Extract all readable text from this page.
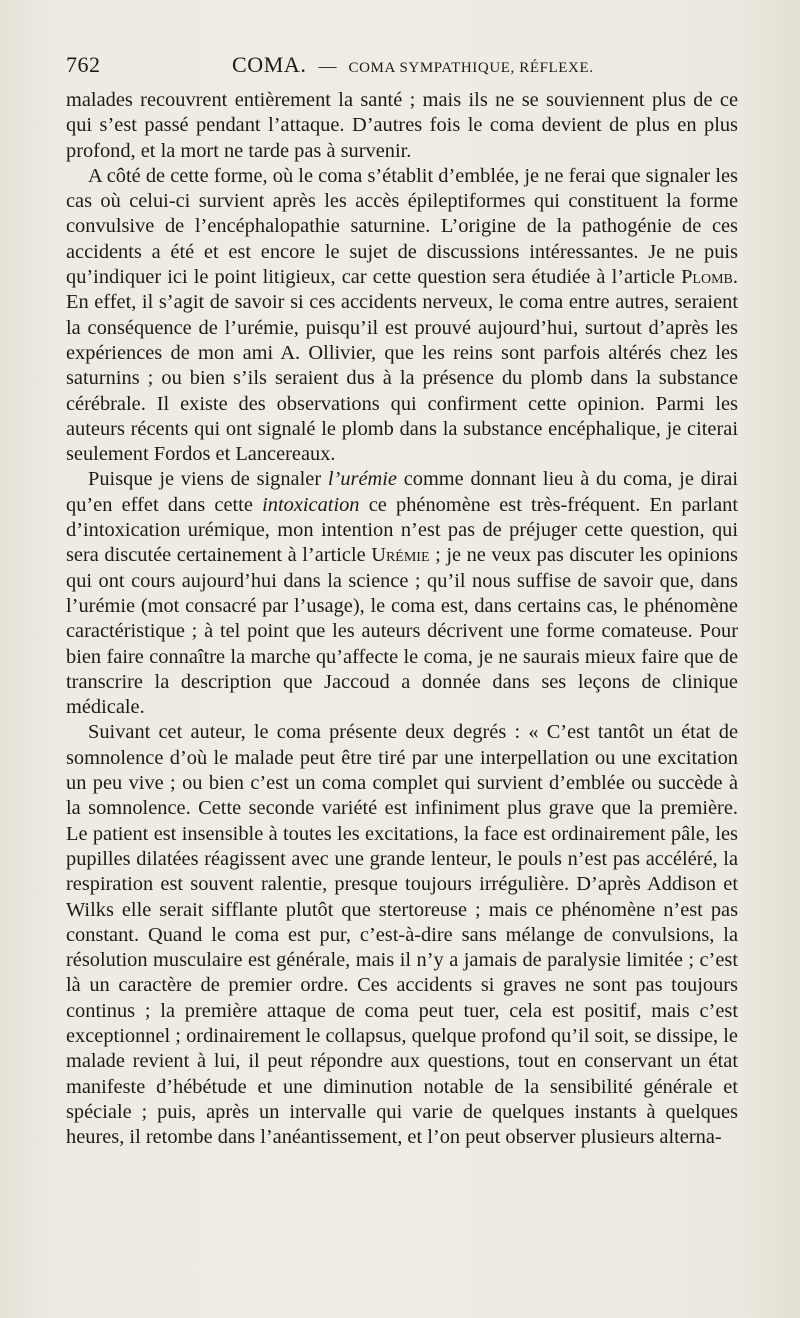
762	COMA. — COMA SYMPATHIQUE, RÉFLEXE.

malades recouvrent entièrement la santé ; mais ils ne se souviennent plus de ce qui s’est passé pendant l’attaque. D’autres fois le coma devient de plus en plus profond, et la mort ne tarde pas à survenir.

A côté de cette forme, où le coma s’établit d’emblée, je ne ferai que signaler les cas où celui-ci survient après les accès épileptiformes qui constituent la forme convulsive de l’encéphalopathie saturnine. L’origine de la pathogénie de ces accidents a été et est encore le sujet de discussions intéressantes. Je ne puis qu’indiquer ici le point litigieux, car cette question sera étudiée à l’article Plomb. En effet, il s’agit de savoir si ces accidents nerveux, le coma entre autres, seraient la conséquence de l’urémie, puisqu’il est prouvé aujourd’hui, surtout d’après les expériences de mon ami A. Ollivier, que les reins sont parfois altérés chez les saturnins ; ou bien s’ils seraient dus à la présence du plomb dans la substance cérébrale. Il existe des observations qui confirment cette opinion. Parmi les auteurs récents qui ont signalé le plomb dans la substance encéphalique, je citerai seulement Fordos et Lancereaux.

Puisque je viens de signaler l’urémie comme donnant lieu à du coma, je dirai qu’en effet dans cette intoxication ce phénomène est très-fréquent. En parlant d’intoxication urémique, mon intention n’est pas de préjuger cette question, qui sera discutée certainement à l’article Urémie ; je ne veux pas discuter les opinions qui ont cours aujourd’hui dans la science ; qu’il nous suffise de savoir que, dans l’urémie (mot consacré par l’usage), le coma est, dans certains cas, le phénomène caractéristique ; à tel point que les auteurs décrivent une forme comateuse. Pour bien faire connaître la marche qu’affecte le coma, je ne saurais mieux faire que de transcrire la description que Jaccoud a donnée dans ses leçons de clinique médicale.

Suivant cet auteur, le coma présente deux degrés : « C’est tantôt un état de somnolence d’où le malade peut être tiré par une interpellation ou une excitation un peu vive ; ou bien c’est un coma complet qui survient d’emblée ou succède à la somnolence. Cette seconde variété est infiniment plus grave que la première. Le patient est insensible à toutes les excitations, la face est ordinairement pâle, les pupilles dilatées réagissent avec une grande lenteur, le pouls n’est pas accéléré, la respiration est souvent ralentie, presque toujours irrégulière. D’après Addison et Wilks elle serait sifflante plutôt que stertoreuse ; mais ce phénomène n’est pas constant. Quand le coma est pur, c’est-à-dire sans mélange de convulsions, la résolution musculaire est générale, mais il n’y a jamais de paralysie limitée ; c’est là un caractère de premier ordre. Ces accidents si graves ne sont pas toujours continus ; la première attaque de coma peut tuer, cela est positif, mais c’est exceptionnel ; ordinairement le collapsus, quelque profond qu’il soit, se dissipe, le malade revient à lui, il peut répondre aux questions, tout en conservant un état manifeste d’hébétude et une diminution notable de la sensibilité générale et spéciale ; puis, après un intervalle qui varie de quelques instants à quelques heures, il retombe dans l’anéantissement, et l’on peut observer plusieurs alterna-
